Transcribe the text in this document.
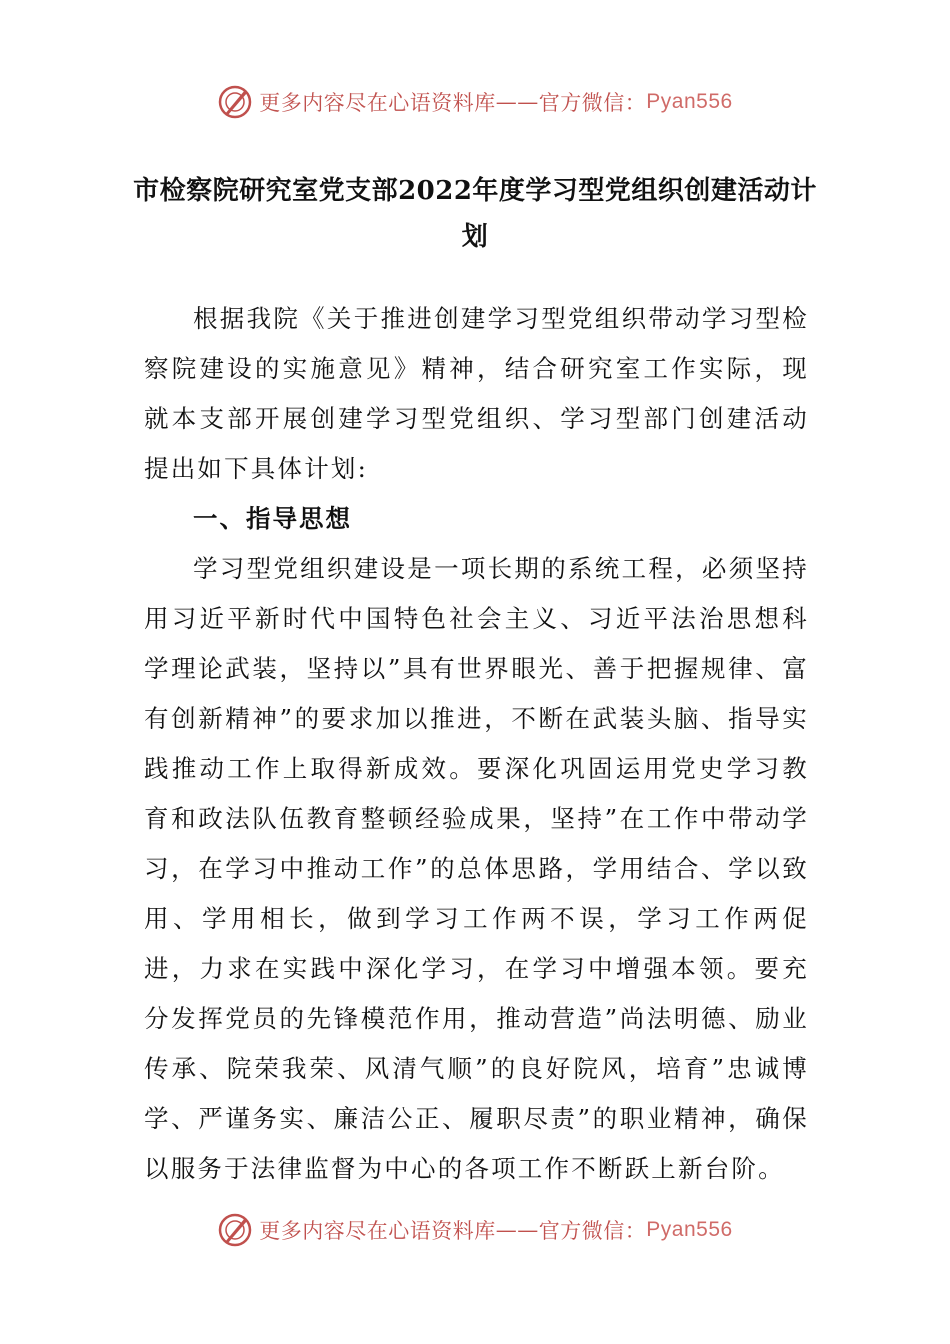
更多内容尽在心语资料库 —— 官方微信： Pyan556
市检察院研究室党支部2022年度学习型党组织创建活动计划

根据我院《关于推进创建学习型党组织带动学习型检察院建设的实施意见》精神，结合研究室工作实际，现就本支部开展创建学习型党组织、学习型部门创建活动提出如下具体计划:

一、指导思想

学习型党组织建设是一项长期的系统工程，必须坚持用习近平新时代中国特色社会主义、习近平法治思想科学理论武装，坚持以”具有世界眼光、善于把握规律、富有创新精神”的要求加以推进，不断在武装头脑、指导实践推动工作上取得新成效。要深化巩固运用党史学习教育和政法队伍教育整顿经验成果，坚持”在工作中带动学习，在学习中推动工作”的总体思路，学用结合、学以致用、学用相长，做到学习工作两不误，学习工作两促进，力求在实践中深化学习，在学习中增强本领。要充分发挥党员的先锋模范作用，推动营造”尚法明德、励业传承、院荣我荣、风清气顺”的良好院风，培育”忠诚博学、严谨务实、廉洁公正、履职尽责”的职业精神，确保以服务于法律监督为中心的各项工作不断跃上新台阶。

更多内容尽在心语资料库 —— 官方微信： Pyan556
